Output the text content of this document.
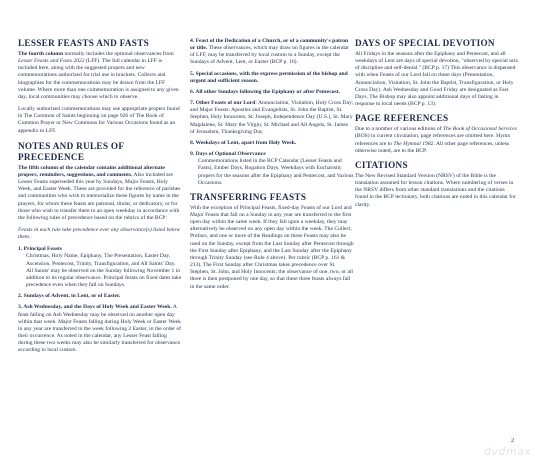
LESSER FEASTS AND FASTS

The fourth column normally includes the optional observances from Lesser Feasts and Fasts 2022 (LFF). The full calendar in LFF is included here, along with the suggested propers and new commemorations authorized for trial use in brackets. Collects and biographies for the commemorations may be drawn from the LFF volume. Where more than one commemoration is assigned to any given day, local communities may choose which to observe.

Locally authorized commemorations may use appropriate propers found in The Common of Saints beginning on page 926 of The Book of Common Prayer or New Commons for Various Occasions found as an appendix to LFF.

NOTES AND RULES OF PRECEDENCE

The fifth column of the calendar contains additional alternate propers, reminders, suggestions, and comments. Also included are Lesser Feasts superseded this year by Sundays, Major Feasts, Holy Week, and Easter Week. These are provided for the reference of parishes and communities who wish to memorialize these figures by name in the prayers, for whom these feasts are patronal, titular, or dedicatory, or for those who wish to transfer them to an open weekday in accordance with the following rules of precedence based on the rubrics of the BCP:

Feasts in each rule take precedence over any observance(s) listed below them.

1. Principal Feasts
Christmas, Holy Name, Epiphany, The Presentation, Easter Day, Ascension, Pentecost, Trinity, Transfiguration, and All Saints' Day. All Saints' may be observed on the Sunday following November 1 in addition to its regular observance. Principal feasts on fixed dates take precedence even when they fall on Sundays.
2. Sundays of Advent, in Lent, or of Easter.
3. Ash Wednesday, and the Days of Holy Week and Easter Week. A feast falling on Ash Wednesday may be observed on another open day within that week. Major Feasts falling during Holy Week or Easter Week in any year are transferred to the week following 2 Easter, in the order of their occurrence. As noted in the calendar, any Lesser Feast falling during these two weeks may also be similarly transferred for observance according to local custom.
4. Feast of the Dedication of a Church, or of a community's patron or title. These observances, which may draw on figures in the calendar of LFF, may be transferred by local custom to a Sunday, except the Sundays of Advent, Lent, or Easter (BCP p. 16).
5. Special occasions, with the express permission of the bishop and urgent and sufficient reason.
6. All other Sundays following the Epiphany or after Pentecost.
7. Other Feasts of our Lord: Annunciation, Visitation, Holy Cross Day; and Major Feasts: Apostles and Evangelists, St. John the Baptist, St. Stephen, Holy Innocents, St. Joseph, Independence Day (U.S.), St. Mary Magdalene, St. Mary the Virgin, St. Michael and All Angels, St. James of Jerusalem, Thanksgiving Day.
8. Weekdays of Lent, apart from Holy Week.
9. Days of Optional Observance
Commemorations listed in the BCP Calendar (Lesser Feasts and Fasts), Ember Days, Rogation Days, Weekdays with Eucharistic propers for the seasons after the Epiphany and Pentecost, and Various Occasions.
TRANSFERRING FEASTS

With the exception of Principal Feasts, fixed-day Feasts of our Lord and Major Feasts that fall on a Sunday in any year are transferred to the first open day within the same week. If they fall upon a weekday, they may alternatively be observed on any open day within the week. The Collect, Preface, and one or more of the Readings on these Feasts may also be used on the Sunday, except from the Last Sunday after Pentecost through the First Sunday after Epiphany, and the Last Sunday after the Epiphany through Trinity Sunday (see Rule 4 above). Per rubric (BCP p. 161 & 213), The First Sunday after Christmas takes precedence over St. Stephen, St. John, and Holy Innocents; the observance of one, two, or all three is then postponed by one day, so that these three feasts always fall in the same order.

DAYS OF SPECIAL DEVOTION

All Fridays in the seasons after the Epiphany and Pentecost, and all weekdays of Lent are days of special devotion, "observed by special acts of discipline and self-denial." (BCP p. 17) This observance is dispensed with when Feasts of our Lord fall on these days (Presentation, Annunciation, Visitation, St. John the Baptist, Transfiguration, or Holy Cross Day). Ash Wednesday and Good Friday are designated as Fast Days. The Bishop may also appoint additional days of fasting in response to local needs (BCP p. 13).

PAGE REFERENCES

Due to a number of various editions of The Book of Occasional Services (BOS) in current circulation, page references are omitted here. Hymn references are to The Hymnal 1982. All other page references, unless otherwise noted, are to the BCP.

CITATIONS

The New Revised Standard Version (NRSV) of the Bible is the translation assumed for lesson citations. Where numbering of verses in the NRSV differs from other standard translations and the citations found in the BCP lectionary, both citations are noted in this calendar for clarity.

2
dvdmax
